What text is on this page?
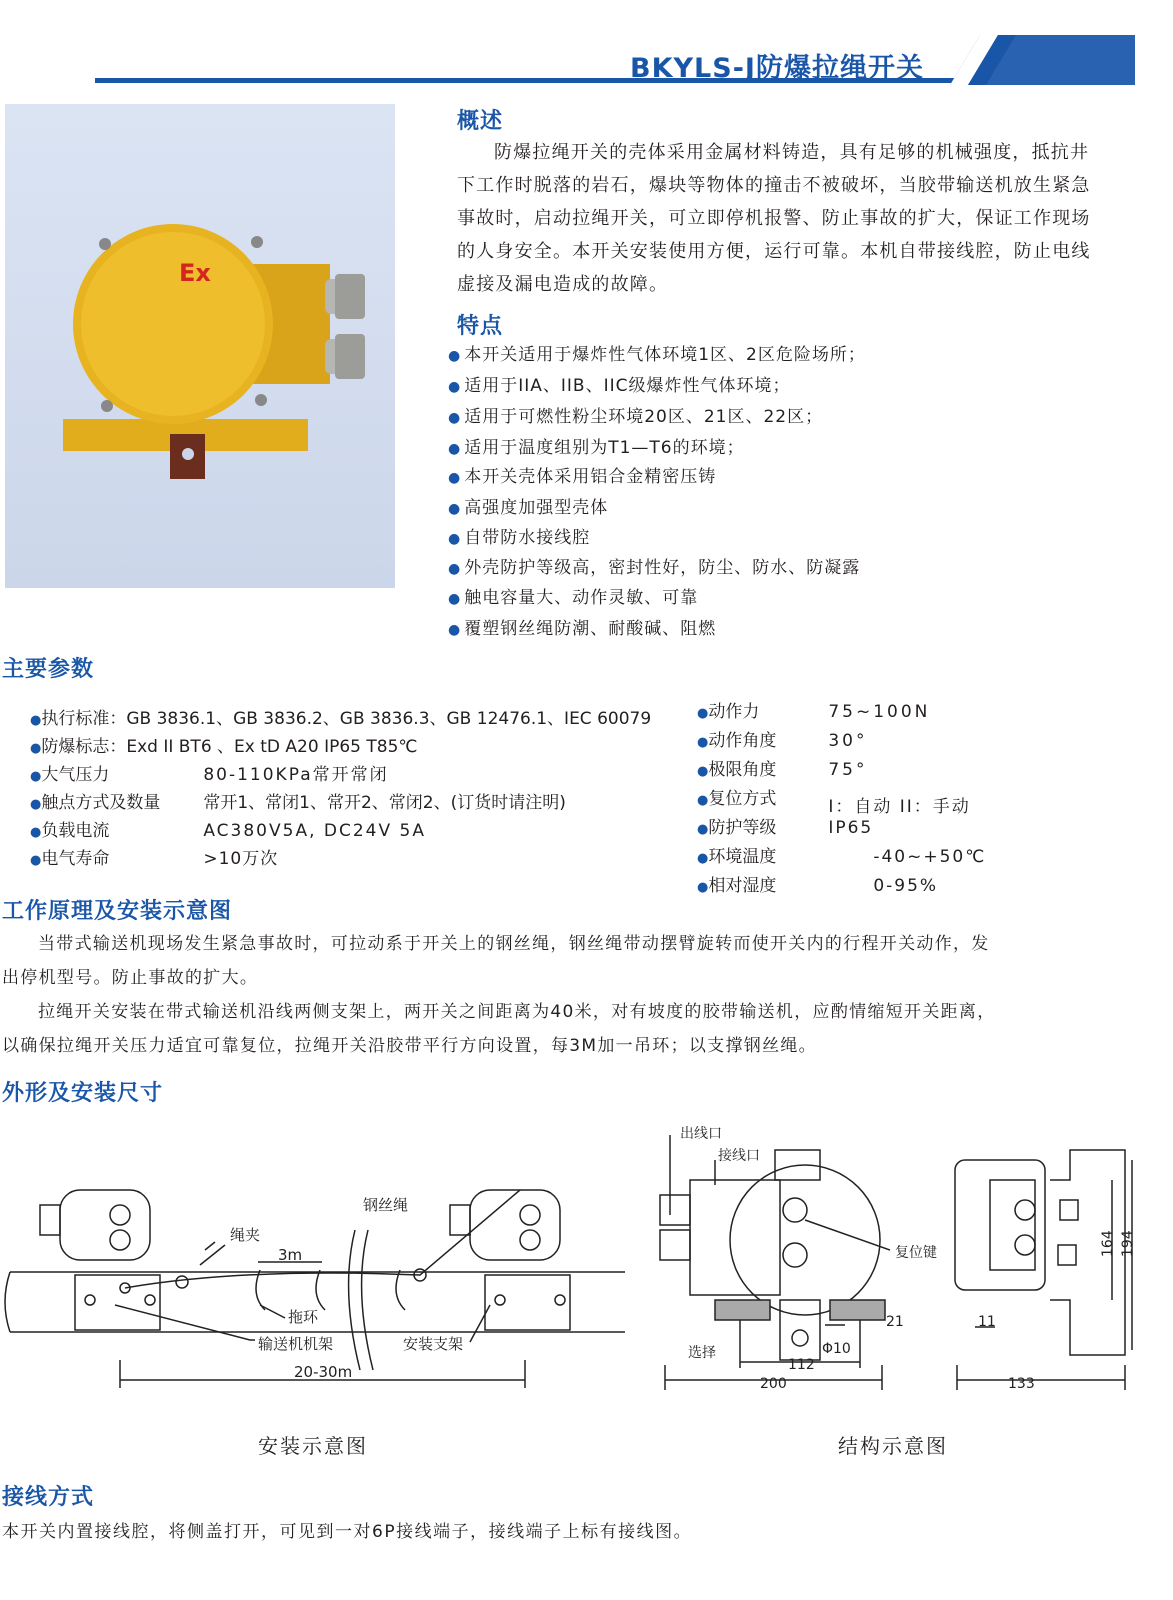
BKYLS-J防爆拉绳开关
Ex
概述
防爆拉绳开关的壳体采用金属材料铸造，具有足够的机械强度，抵抗井
下工作时脱落的岩石，爆块等物体的撞击不被破坏，当胶带输送机放生紧急
事故时，启动拉绳开关，可立即停机报警、防止事故的扩大，保证工作现场
的人身安全。本开关安装使用方便，运行可靠。本机自带接线腔，防止电线
虚接及漏电造成的故障。
特点
● 本开关适用于爆炸性气体环境1区、2区危险场所；
● 适用于IIA、IIB、IIC级爆炸性气体环境；
● 适用于可燃性粉尘环境20区、21区、22区；
● 适用于温度组别为T1—T6的环境；
● 本开关壳体采用铝合金精密压铸
● 高强度加强型壳体
● 自带防水接线腔
● 外壳防护等级高，密封性好，防尘、防水、防凝露
● 触电容量大、动作灵敏、可靠
● 覆塑钢丝绳防潮、耐酸碱、阻燃
主要参数
●执行标准：GB 3836.1、GB 3836.2、GB 3836.3、GB 12476.1、IEC 60079
●防爆标志：Exd II BT6 、Ex tD A20 IP65 T85℃
●大气压力	80-110KPa常开常闭
●触点方式及数量	常开1、常闭1、常开2、常闭2、(订货时请注明)
●负载电流	AC380V5A, DC24V 5A
●电气寿命	>10万次
●动作力	75~100N
●动作角度	30°
●极限角度	75°
●复位方式	I：自动 II：手动
●防护等级	IP65
●环境温度	-40~+50℃
●相对湿度	0-95%
工作原理及安装示意图
当带式输送机现场发生紧急事故时，可拉动系于开关上的钢丝绳，钢丝绳带动摆臂旋转而使开关内的行程开关动作，发
出停机型号。防止事故的扩大。
拉绳开关安装在带式输送机沿线两侧支架上，两开关之间距离为40米，对有坡度的胶带输送机，应酌情缩短开关距离，
以确保拉绳开关压力适宜可靠复位，拉绳开关沿胶带平行方向设置，每3M加一吊环；以支撑钢丝绳。
外形及安装尺寸
钢丝绳
绳夹
3m
拖环
输送机机架	安装支架
20-30m
安装示意图
出线口
接线口
复位键
选择
112
200
21
Φ10
11
133
164 194
结构示意图
接线方式
本开关内置接线腔，将侧盖打开，可见到一对6P接线端子，接线端子上标有接线图。
